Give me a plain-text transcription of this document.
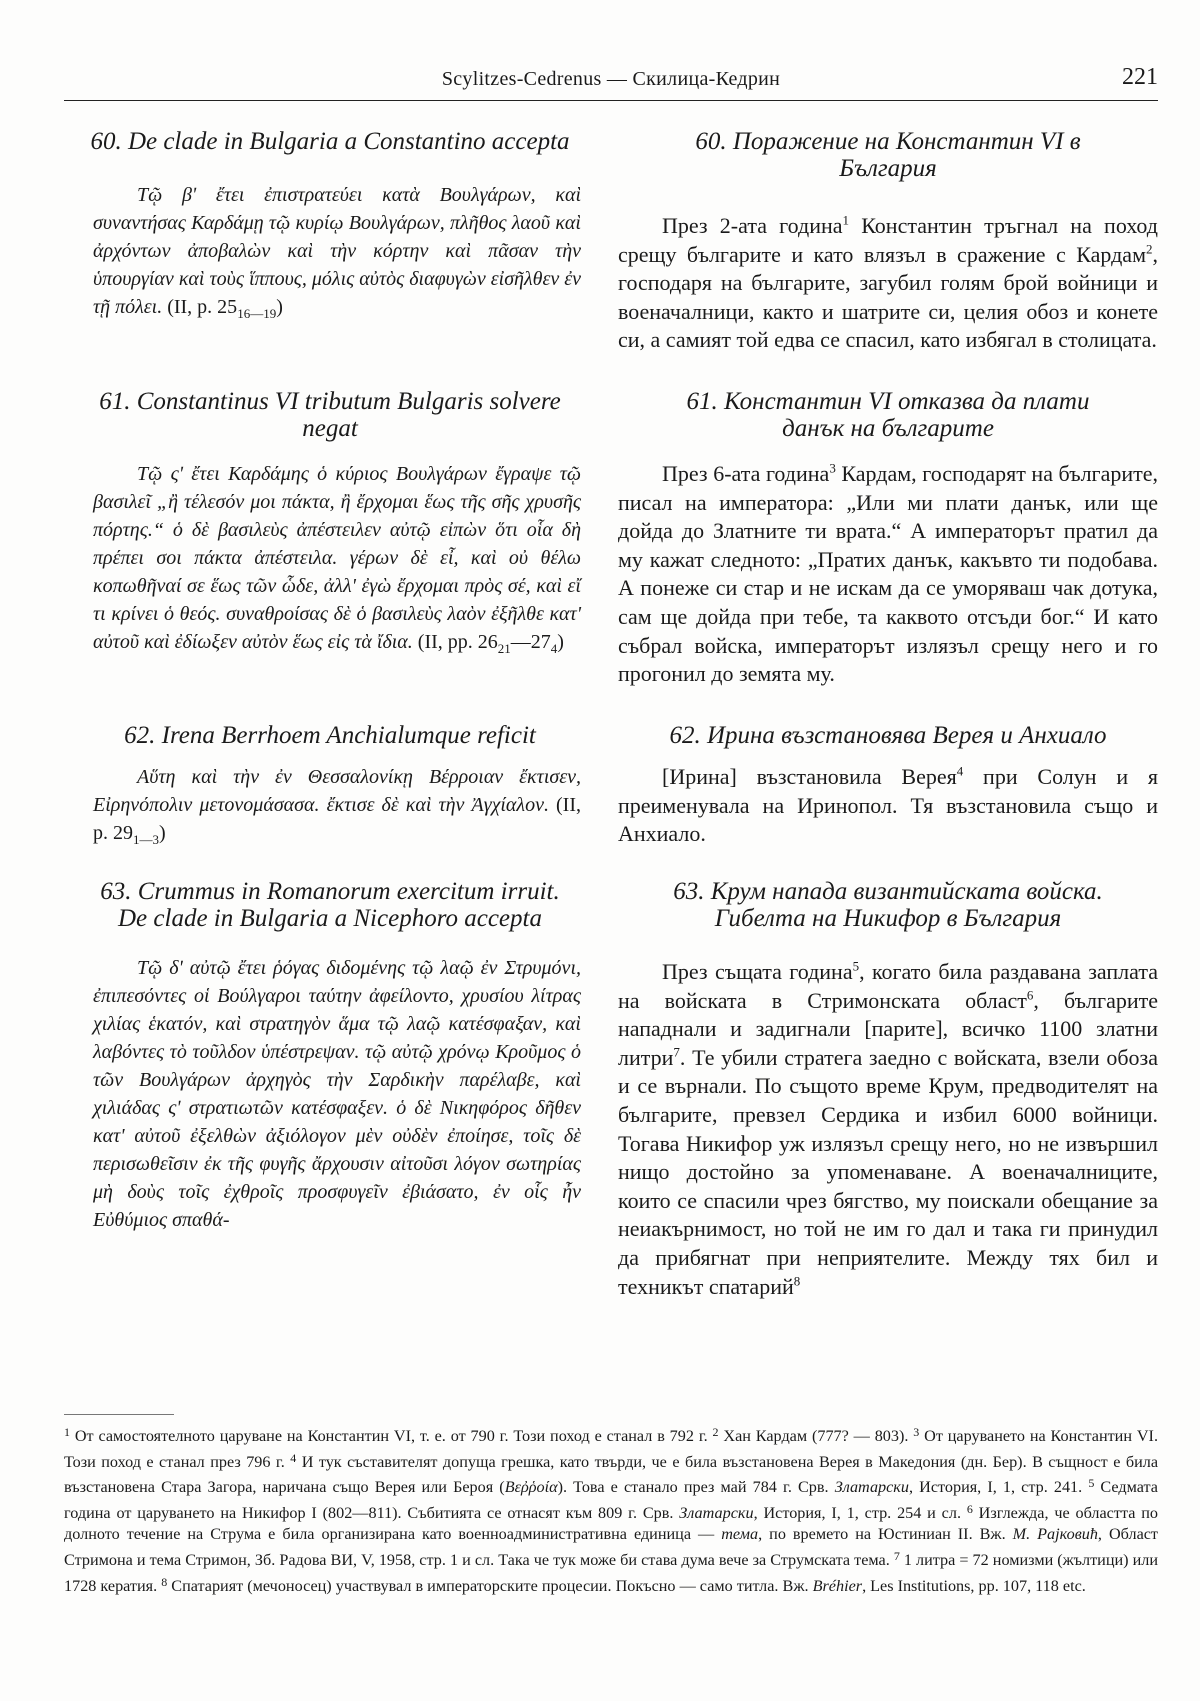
Scylitzes-Cedrenus — Скилица-Кедрин	221
60. De clade in Bulgaria a Constantino accepta

Τῷ βʹ ἔτει ἐπιστρατεύει κατὰ Βουλγάρων, καὶ συναντήσας Καρδάμῃ τῷ κυρίῳ Βουλγάρων, πλῆθος λαοῦ καὶ ἀρχόντων ἀποβαλὼν καὶ τὴν κόρτην καὶ πᾶσαν τὴν ὑπουργίαν καὶ τοὺς ἵππους, μόλις αὐτὸς διαφυγὼν εἰσῆλθεν ἐν τῇ πόλει. (II, p. $25_{16—19}$)

61. Constantinus VI tributum Bulgaris solvere negat

Τῷ ςʹ ἔτει Καρδάμης ὁ κύριος Βουλγάρων ἔγραψε τῷ βασιλεῖ „ἢ τέλεσόν μοι πάκτα, ἢ ἔρχομαι ἕως τῆς σῆς χρυσῆς πόρτης.“ ὁ δὲ βασιλεὺς ἀπέστειλεν αὐτῷ εἰπὼν ὅτι οἷα δὴ πρέπει σοι πάκτα ἀπέστειλα. γέρων δὲ εἶ, καὶ οὐ θέλω κοπωθῆναί σε ἕως τῶν ὧδε, ἀλλ' ἐγὼ ἔρχομαι πρὸς σέ, καὶ εἴ τι κρίνει ὁ θεός. συναθροίσας δὲ ὁ βασιλεὺς λαὸν ἐξῆλθε κατ' αὐτοῦ καὶ ἐδίωξεν αὐτὸν ἕως εἰς τὰ ἴδια. (II, pp. $26_{21}—27_4$)

62. Irena Berrhoem Anchialumque reficit

Αὕτη καὶ τὴν ἐν Θεσσαλονίκῃ Βέρροιαν ἔκτισεν, Εἰρηνόπολιν μετονομάσασα. ἔκτισε δὲ καὶ τὴν Ἀγχίαλον. (II, p. $29_{1—3}$)

63. Crummus in Romanorum exercitum irruit.
De clade in Bulgaria a Nicephoro accepta

Τῷ δʹ αὐτῷ ἔτει ῥόγας διδομένης τῷ λαῷ ἐν Στρυμόνι, ἐπιπεσόντες οἱ Βούλγαροι ταύτην ἀφείλοντο, χρυσίου λίτρας χιλίας ἑκατόν, καὶ στρατηγὸν ἅμα τῷ λαῷ κατέσφαξαν, καὶ λαβόντες τὸ τοῦλδον ὑπέστρεψαν. τῷ αὐτῷ χρόνῳ Κροῦμος ὁ τῶν Βουλγάρων ἀρχηγὸς τὴν Σαρδικὴν παρέλαβε, καὶ χιλιάδας ςʹ στρατιωτῶν κατέσφαξεν. ὁ δὲ Νικηφόρος δῆθεν κατ' αὐτοῦ ἐξελθὼν ἀξιόλογον μὲν οὐδὲν ἐποίησε, τοῖς δὲ περισωθεῖσιν ἐκ τῆς φυγῆς ἄρχουσιν αἰτοῦσι λόγον σωτηρίας μὴ δοὺς τοῖς ἐχθροῖς προσφυγεῖν ἐβιάσατο, ἐν οἷς ἦν Εὐθύμιος σπαθά-

60. Поражение на Константин VI в България

През 2-ата година$^1$ Константин тръгнал на поход срещу българите и като влязъл в сражение с Кардам$^2$, господаря на българите, загубил голям брой войници и военачалници, както и шатрите си, целия обоз и конете си, а самият той едва се спасил, като избягал в столицата.

61. Константин VI отказва да плати данък на българите

През 6-ата година$^3$ Кардам, господарят на българите, писал на императора: „Или ми плати данък, или ще дойда до Златните ти врата.“ А императорът пратил да му кажат следното: „Пратих данък, какъвто ти подобава. А понеже си стар и не искам да се уморяваш чак дотука, сам ще дойда при тебе, та каквото отсъди бог.“ И като събрал войска, императорът излязъл срещу него и го прогонил до земята му.

62. Ирина възстановява Верея и Анхиало

[Ирина] възстановила Верея$^4$ при Солун и я преименувала на Иринопол. Тя възстановила също и Анхиало.

63. Крум напада византийската войска.
Гибелта на Никифор в България

През същата година$^5$, когато била раздавана заплата на войската в Стримонската област$^6$, българите нападнали и задигнали [парите], всичко 1100 златни литри$^7$. Те убили стратега заедно с войската, взели обоза и се върнали. По същото време Крум, предводителят на българите, превзел Сердика и избил 6000 войници. Тогава Никифор уж излязъл срещу него, но не извършил нищо достойно за упоменаване. А военачалниците, които се спасили чрез бягство, му поискали обещание за неиакърнимост, но той не им го дал и така ги принудил да прибягнат при неприятелите. Между тях бил и техникът спатарий$^8$

$^1$ От самостоятелното царуване на Константин VI, т. е. от 790 г. Този поход е станал в 792 г. $^2$ Хан Кардам (777? — 803). $^3$ От царуването на Константин VI. Този поход е станал през 796 г. $^4$ И тук съставителят допуща грешка, като твърди, че е била възстановена Верея в Македония (дн. Бер). В същност е била възстановена Стара Загора, наричана също Верея или Берoя (Βεῤῥοία). Това е станало през май 784 г. Срв. Златарски, История, I, 1, стр. 241. $^5$ Седмата година от царуването на Никифор I (802—811). Събитията се отнасят към 809 г. Срв. Златарски, История, I, 1, стр. 254 и сл. $^6$ Изглежда, че областта по долното течение на Струма е била организирана като военноадминистративна единица — тема, по времето на Юстиниан II. Вж. М. Рajковић, Област Стримона и тема Стримон, Зб. Радова ВИ, V, 1958, стр. 1 и сл. Така че тук може би става дума вече за Струмската тема. $^7$ 1 литра = 72 номизми (жълтици) или 1728 кератия. $^8$ Спатарият (мечоносец) участвувал в императорските процесии. Покъсно — само титла. Вж. Bréhier, Les Institutions, pp. 107, 118 etc.
